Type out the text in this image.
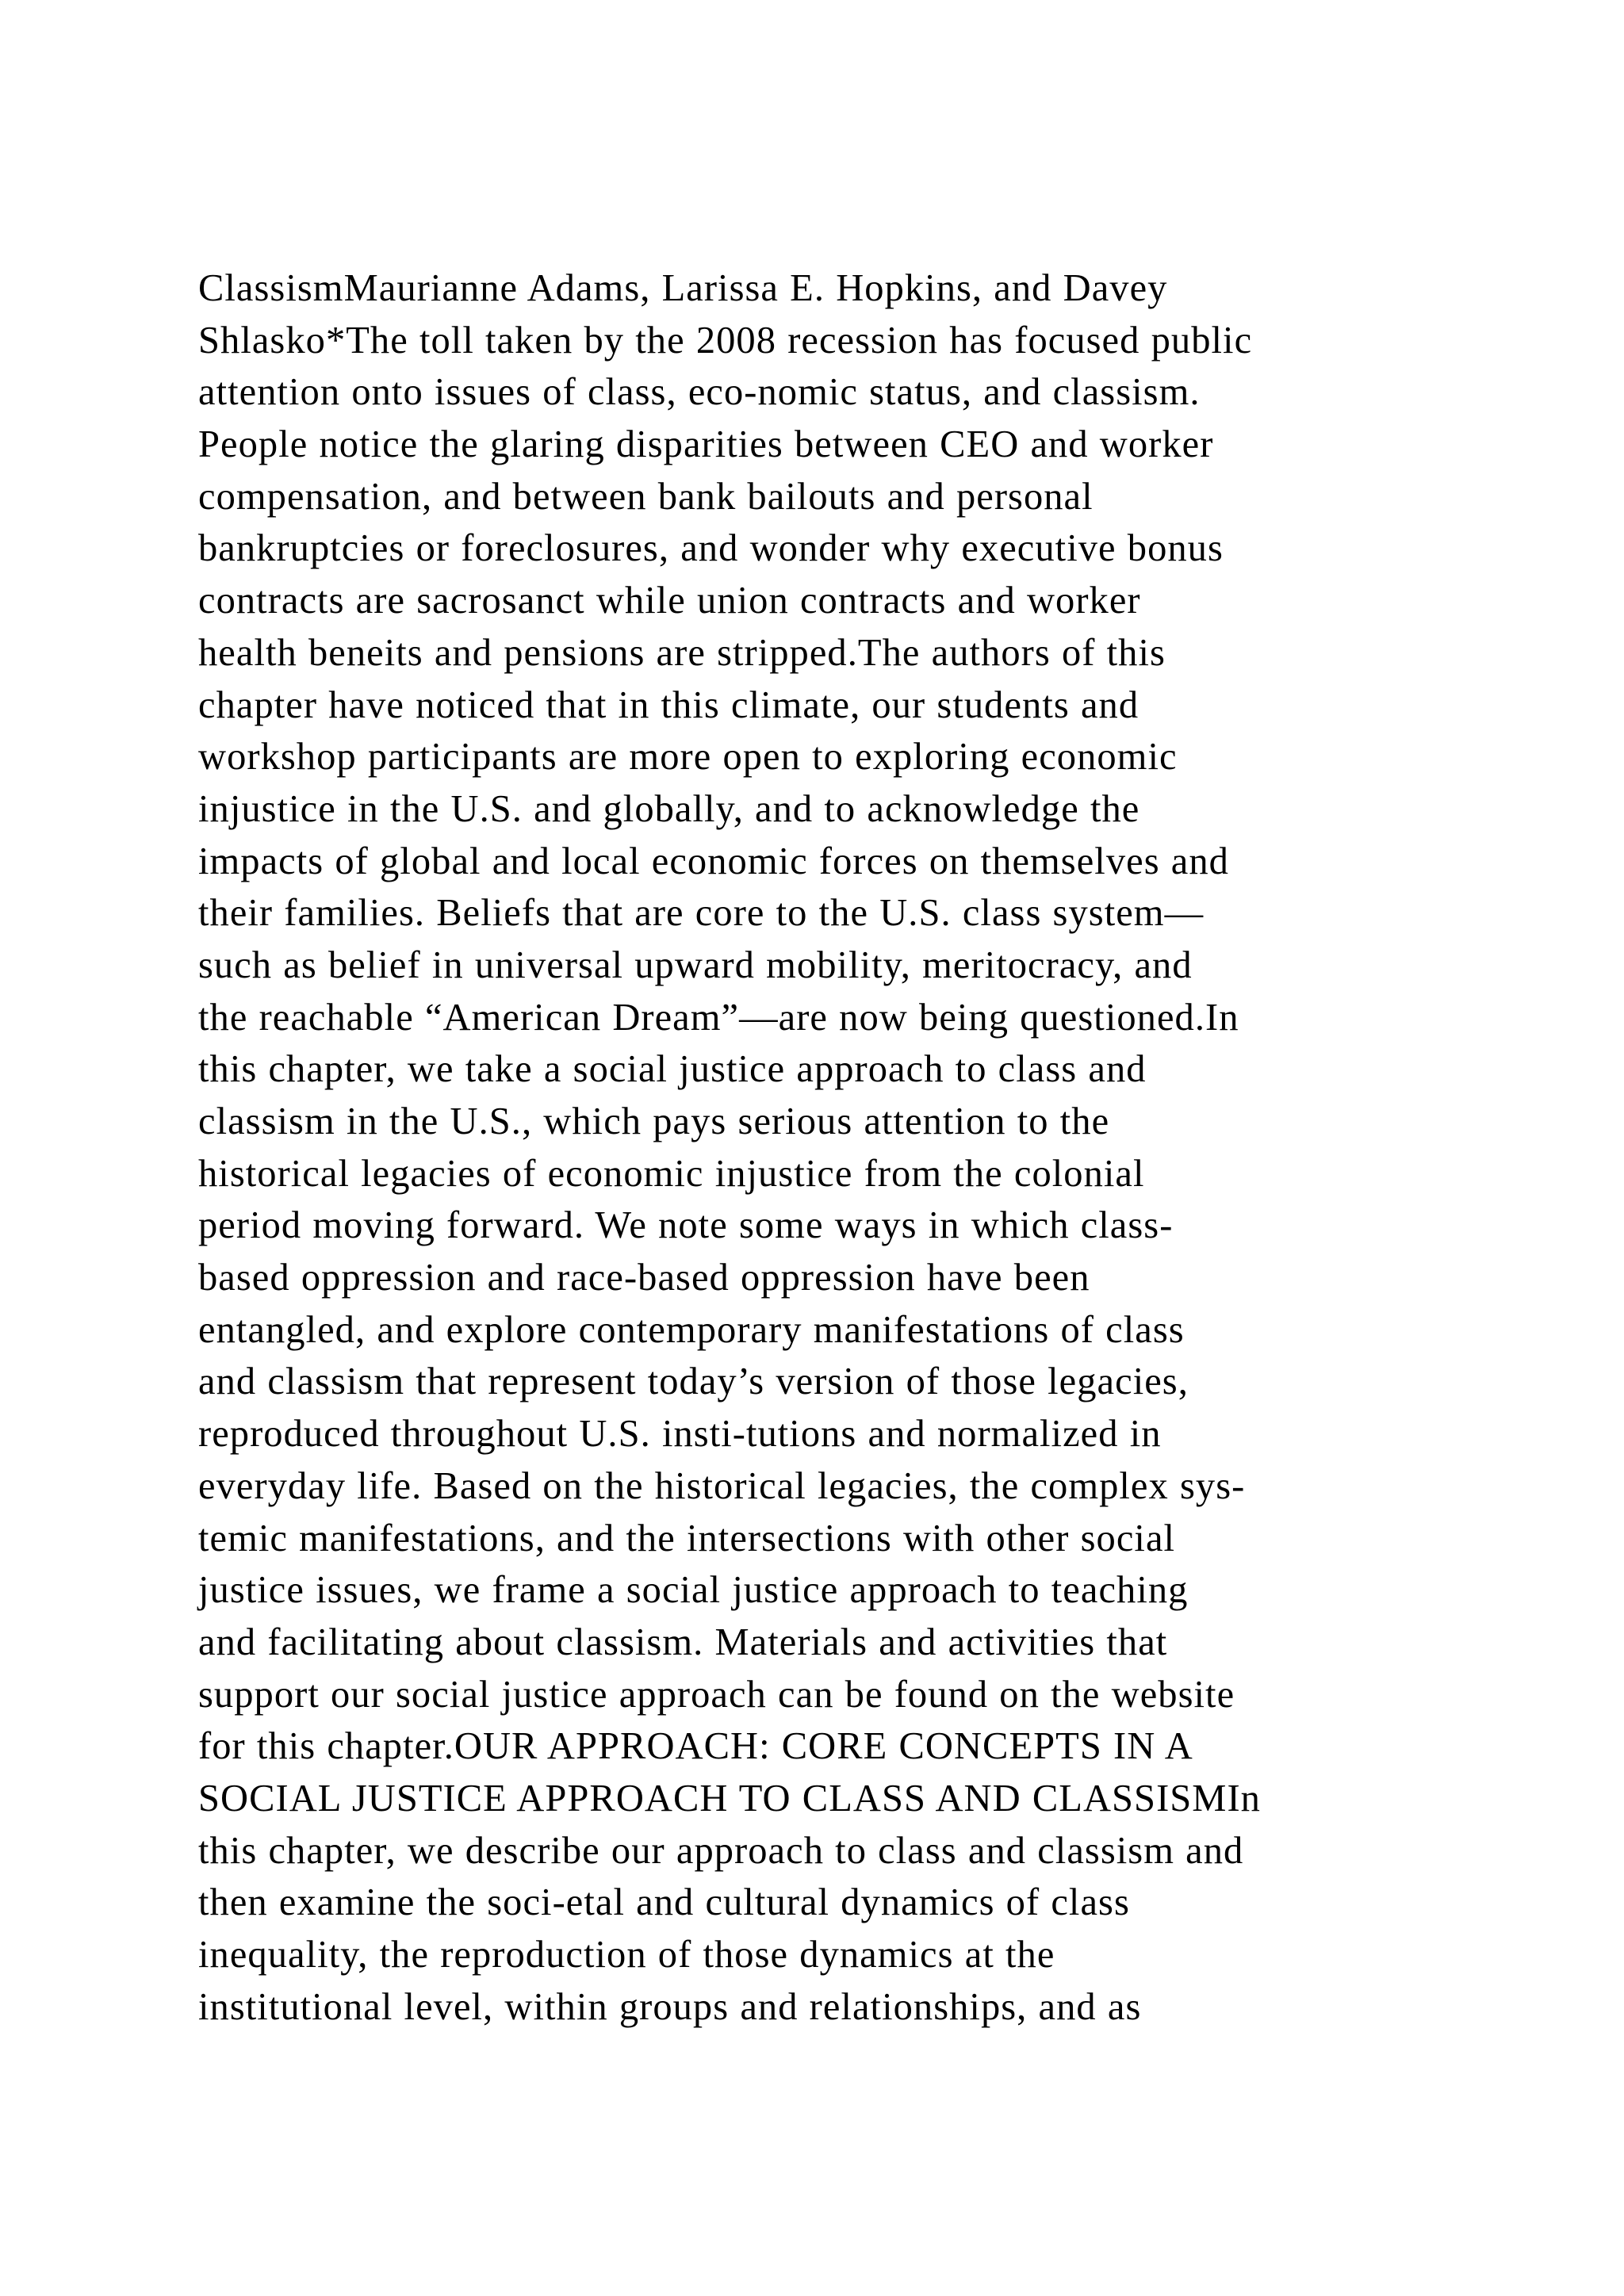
ClassismMaurianne Adams, Larissa E. Hopkins, and Davey
Shlasko*The toll taken by the 2008 recession has focused public
attention onto issues of class, eco-nomic status, and classism.
People notice the glaring disparities between CEO and worker
compensation, and between bank bailouts and personal
bankruptcies or foreclosures, and wonder why executive bonus
contracts are sacrosanct while union contracts and worker
health beneits and pensions are stripped.The authors of this
chapter have noticed that in this climate, our students and
workshop participants are more open to exploring economic
injustice in the U.S. and globally, and to acknowledge the
impacts of global and local economic forces on themselves and
their families. Beliefs that are core to the U.S. class system—
such as belief in universal upward mobility, meritocracy, and
the reachable “American Dream”—are now being questioned.In
this chapter, we take a social justice approach to class and
classism in the U.S., which pays serious attention to the
historical legacies of economic injustice from the colonial
period moving forward. We note some ways in which class-
based oppression and race-based oppression have been
entangled, and explore contemporary manifestations of class
and classism that represent today’s version of those legacies,
reproduced throughout U.S. insti-tutions and normalized in
everyday life. Based on the historical legacies, the complex sys-
temic manifestations, and the intersections with other social
justice issues, we frame a social justice approach to teaching
and facilitating about classism. Materials and activities that
support our social justice approach can be found on the website
for this chapter.OUR APPROACH: CORE CONCEPTS IN A
SOCIAL JUSTICE APPROACH TO CLASS AND CLASSISMIn
this chapter, we describe our approach to class and classism and
then examine the soci-etal and cultural dynamics of class
inequality, the reproduction of those dynamics at the
institutional level, within groups and relationships, and as
